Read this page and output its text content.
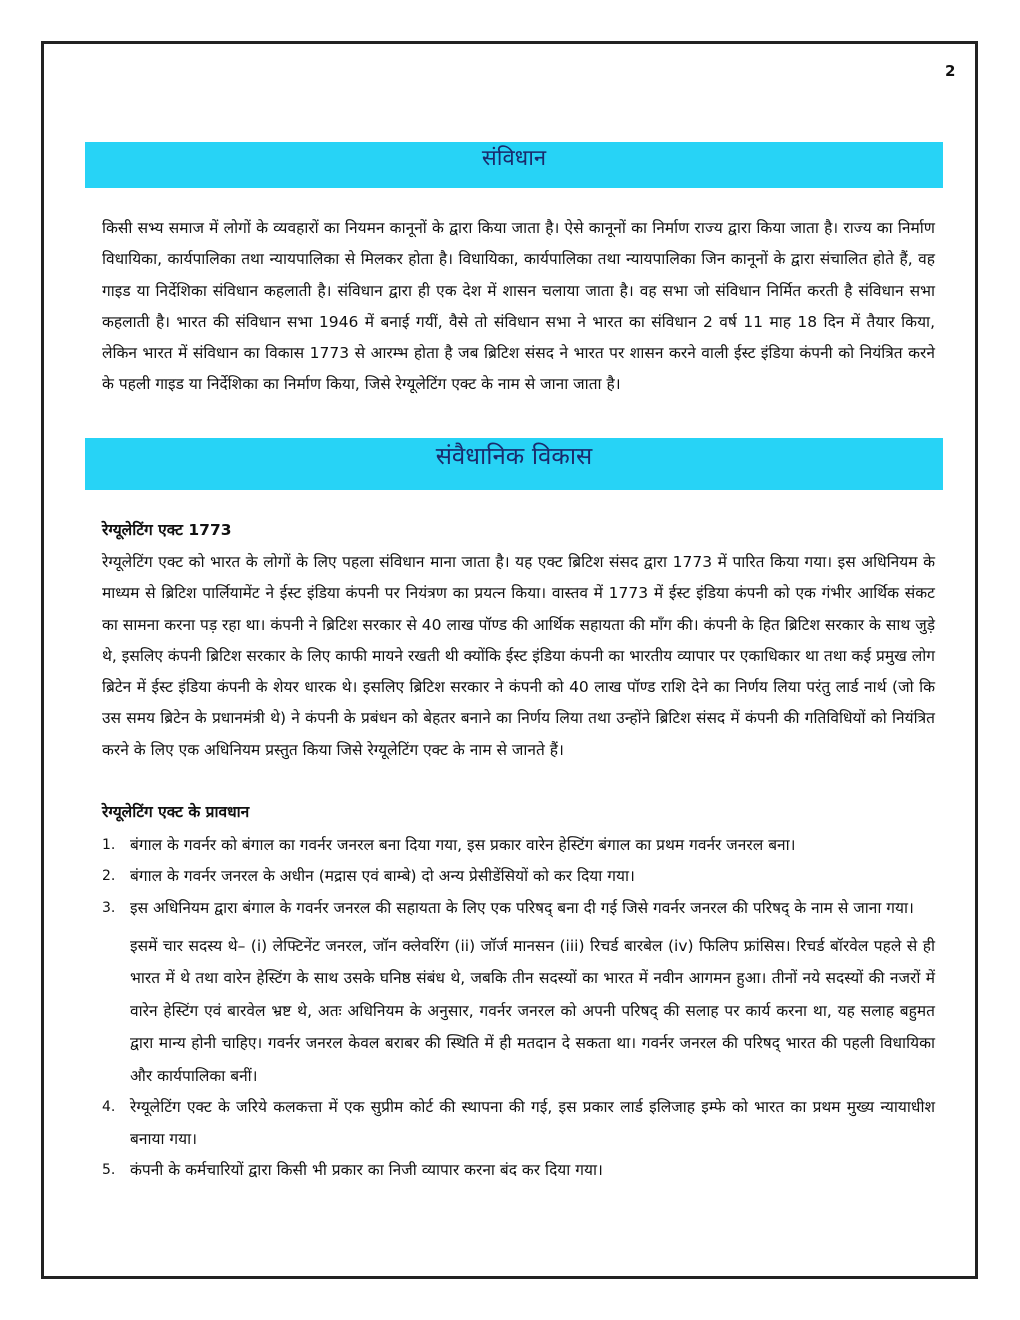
2
संविधान
किसी सभ्य समाज में लोगों के व्यवहारों का नियमन कानूनों के द्वारा किया जाता है। ऐसे कानूनों का निर्माण राज्य द्वारा किया जाता है। राज्य का निर्माण विधायिका, कार्यपालिका तथा न्यायपालिका से मिलकर होता है। विधायिका, कार्यपालिका तथा न्यायपालिका जिन कानूनों के द्वारा संचालित होते हैं, वह गाइड या निर्देशिका संविधान कहलाती है। संविधान द्वारा ही एक देश में शासन चलाया जाता है। वह सभा जो संविधान निर्मित करती है संविधान सभा कहलाती है। भारत की संविधान सभा 1946 में बनाई गयीं, वैसे तो संविधान सभा ने भारत का संविधान 2 वर्ष 11 माह 18 दिन में तैयार किया, लेकिन भारत में संविधान का विकास 1773 से आरम्भ होता है जब ब्रिटिश संसद ने भारत पर शासन करने वाली ईस्ट इंडिया कंपनी को नियंत्रित करने के पहली गाइड या निर्देशिका का निर्माण किया, जिसे रेग्यूलेटिंग एक्ट के नाम से जाना जाता है।
संवैधानिक विकास
रेग्यूलेटिंग एक्ट 1773
रेग्यूलेटिंग एक्ट को भारत के लोगों के लिए पहला संविधान माना जाता है। यह एक्ट ब्रिटिश संसद द्वारा 1773 में पारित किया गया। इस अधिनियम के माध्यम से ब्रिटिश पार्लियामेंट ने ईस्ट इंडिया कंपनी पर नियंत्रण का प्रयत्न किया। वास्तव में 1773 में ईस्ट इंडिया कंपनी को एक गंभीर आर्थिक संकट का सामना करना पड़ रहा था। कंपनी ने ब्रिटिश सरकार से 40 लाख पॉण्ड की आर्थिक सहायता की माँग की। कंपनी के हित ब्रिटिश सरकार के साथ जुड़े थे, इसलिए कंपनी ब्रिटिश सरकार के लिए काफी मायने रखती थी क्योंकि ईस्ट इंडिया कंपनी का भारतीय व्यापार पर एकाधिकार था तथा कई प्रमुख लोग ब्रिटेन में ईस्ट इंडिया कंपनी के शेयर धारक थे। इसलिए ब्रिटिश सरकार ने कंपनी को 40 लाख पॉण्ड राशि देने का निर्णय लिया परंतु लार्ड नार्थ (जो कि उस समय ब्रिटेन के प्रधानमंत्री थे) ने कंपनी के प्रबंधन को बेहतर बनाने का निर्णय लिया तथा उन्होंने ब्रिटिश संसद में कंपनी की गतिविधियों को नियंत्रित करने के लिए एक अधिनियम प्रस्तुत किया जिसे रेग्यूलेटिंग एक्ट के नाम से जानते हैं।
रेग्यूलेटिंग एक्ट के प्रावधान
1. बंगाल के गवर्नर को बंगाल का गवर्नर जनरल बना दिया गया, इस प्रकार वारेन हेस्टिंग बंगाल का प्रथम गवर्नर जनरल बना।
2. बंगाल के गवर्नर जनरल के अधीन (मद्रास एवं बाम्बे) दो अन्य प्रेसीडेंसियों को कर दिया गया।
3. इस अधिनियम द्वारा बंगाल के गवर्नर जनरल की सहायता के लिए एक परिषद् बना दी गई जिसे गवर्नर जनरल की परिषद् के नाम से जाना गया।
इसमें चार सदस्य थे– (i) लेफ्टिनेंट जनरल, जॉन क्लेवरिंग (ii) जॉर्ज मानसन (iii) रिचर्ड बारबेल (iv) फिलिप फ्रांसिस। रिचर्ड बॉरवेल पहले से ही भारत में थे तथा वारेन हेस्टिंग के साथ उसके घनिष्ठ संबंध थे, जबकि तीन सदस्यों का भारत में नवीन आगमन हुआ। तीनों नये सदस्यों की नजरों में वारेन हेस्टिंग एवं बारवेल भ्रष्ट थे, अतः अधिनियम के अनुसार, गवर्नर जनरल को अपनी परिषद् की सलाह पर कार्य करना था, यह सलाह बहुमत द्वारा मान्य होनी चाहिए। गवर्नर जनरल केवल बराबर की स्थिति में ही मतदान दे सकता था। गवर्नर जनरल की परिषद् भारत की पहली विधायिका और कार्यपालिका बनीं।
4. रेग्यूलेटिंग एक्ट के जरिये कलकत्ता में एक सुप्रीम कोर्ट की स्थापना की गई, इस प्रकार लार्ड इलिजाह इम्फे को भारत का प्रथम मुख्य न्यायाधीश बनाया गया।
5. कंपनी के कर्मचारियों द्वारा किसी भी प्रकार का निजी व्यापार करना बंद कर दिया गया।
